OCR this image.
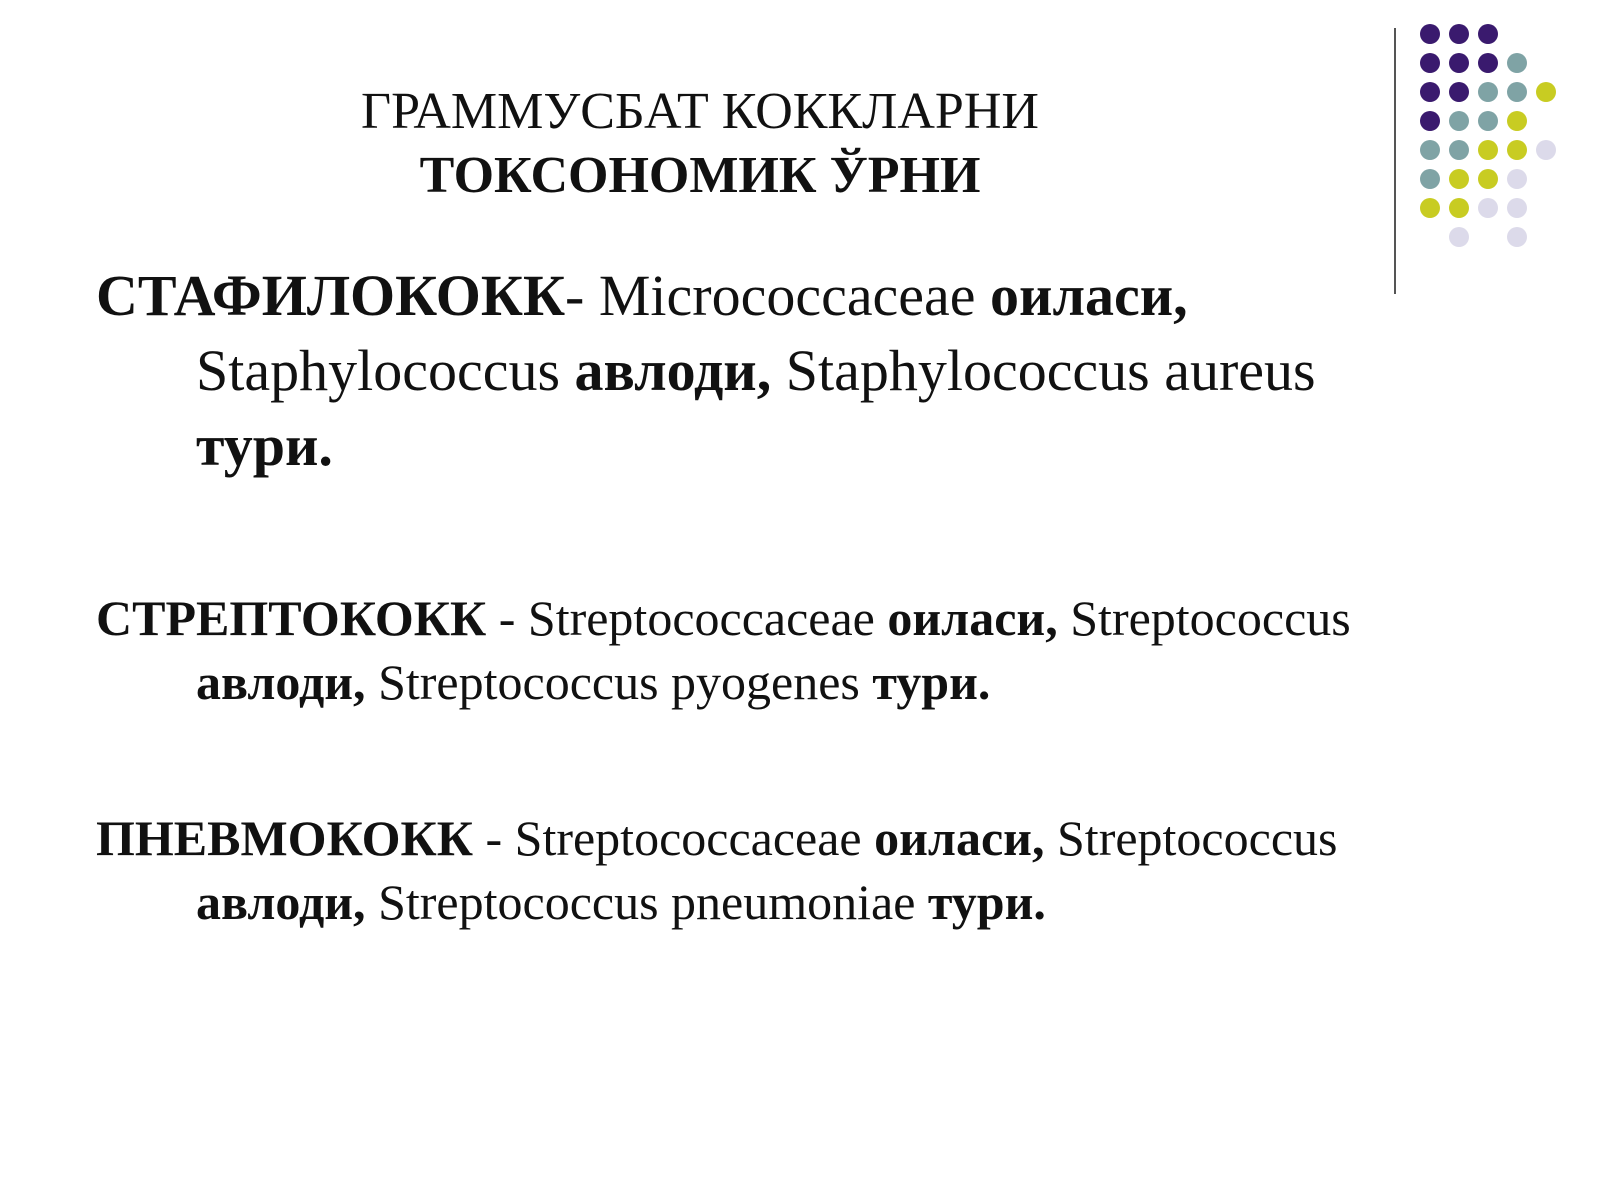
ГРАММУСБАТ КОККЛАРНИ
ТОКСОНОМИК ЎРНИ
СТАФИЛОКОКК- Micrococcaceae оиласи,
Staphylococcus авлоди, Staphylococcus aureus
тури.
СТРЕПТОКОКК - Streptococcaceae оиласи, Streptococcus
авлоди, Streptococcus pyogenes тури.
ПНЕВМОКОКК - Streptococcaceae оиласи, Streptococcus
авлоди, Streptococcus pneumoniae тури.
